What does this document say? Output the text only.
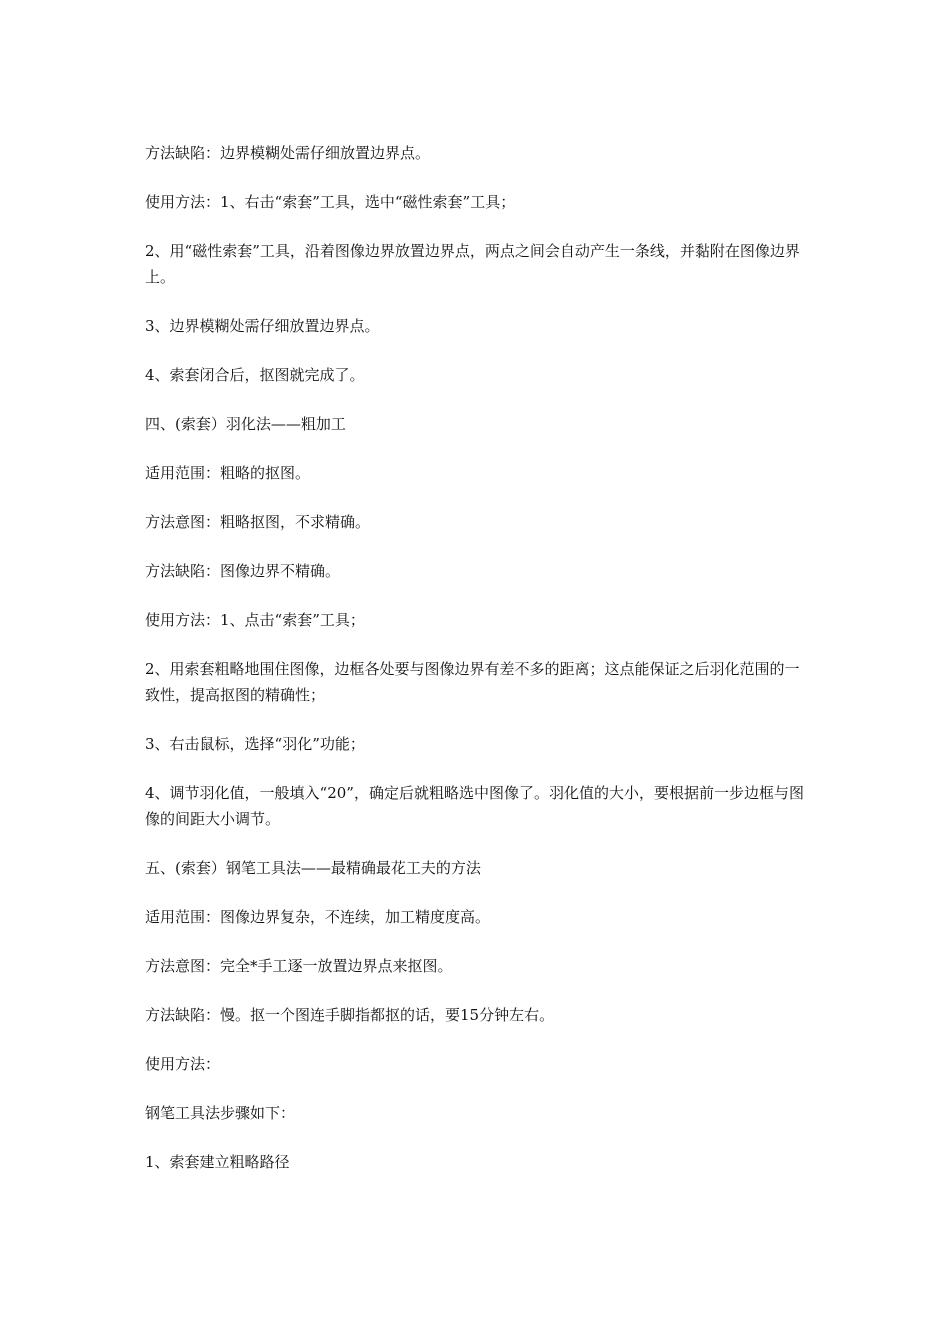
方法缺陷：边界模糊处需仔细放置边界点。

使用方法：1、右击“索套”工具，选中“磁性索套”工具；

2、用“磁性索套”工具，沿着图像边界放置边界点，两点之间会自动产生一条线，并黏附在图像边界上。

3、边界模糊处需仔细放置边界点。

4、索套闭合后，抠图就完成了。

四、(索套）羽化法——粗加工

适用范围：粗略的抠图。

方法意图：粗略抠图，不求精确。

方法缺陷：图像边界不精确。

使用方法：1、点击“索套”工具；

2、用索套粗略地围住图像，边框各处要与图像边界有差不多的距离；这点能保证之后羽化范围的一致性，提高抠图的精确性；

3、右击鼠标，选择“羽化”功能；

4、调节羽化值，一般填入“20”，确定后就粗略选中图像了。羽化值的大小，要根据前一步边框与图像的间距大小调节。

五、(索套）钢笔工具法——最精确最花工夫的方法

适用范围：图像边界复杂，不连续，加工精度度高。

方法意图：完全*手工逐一放置边界点来抠图。

方法缺陷：慢。抠一个图连手脚指都抠的话，要15分钟左右。

使用方法：

钢笔工具法步骤如下：

1、索套建立粗略路径
